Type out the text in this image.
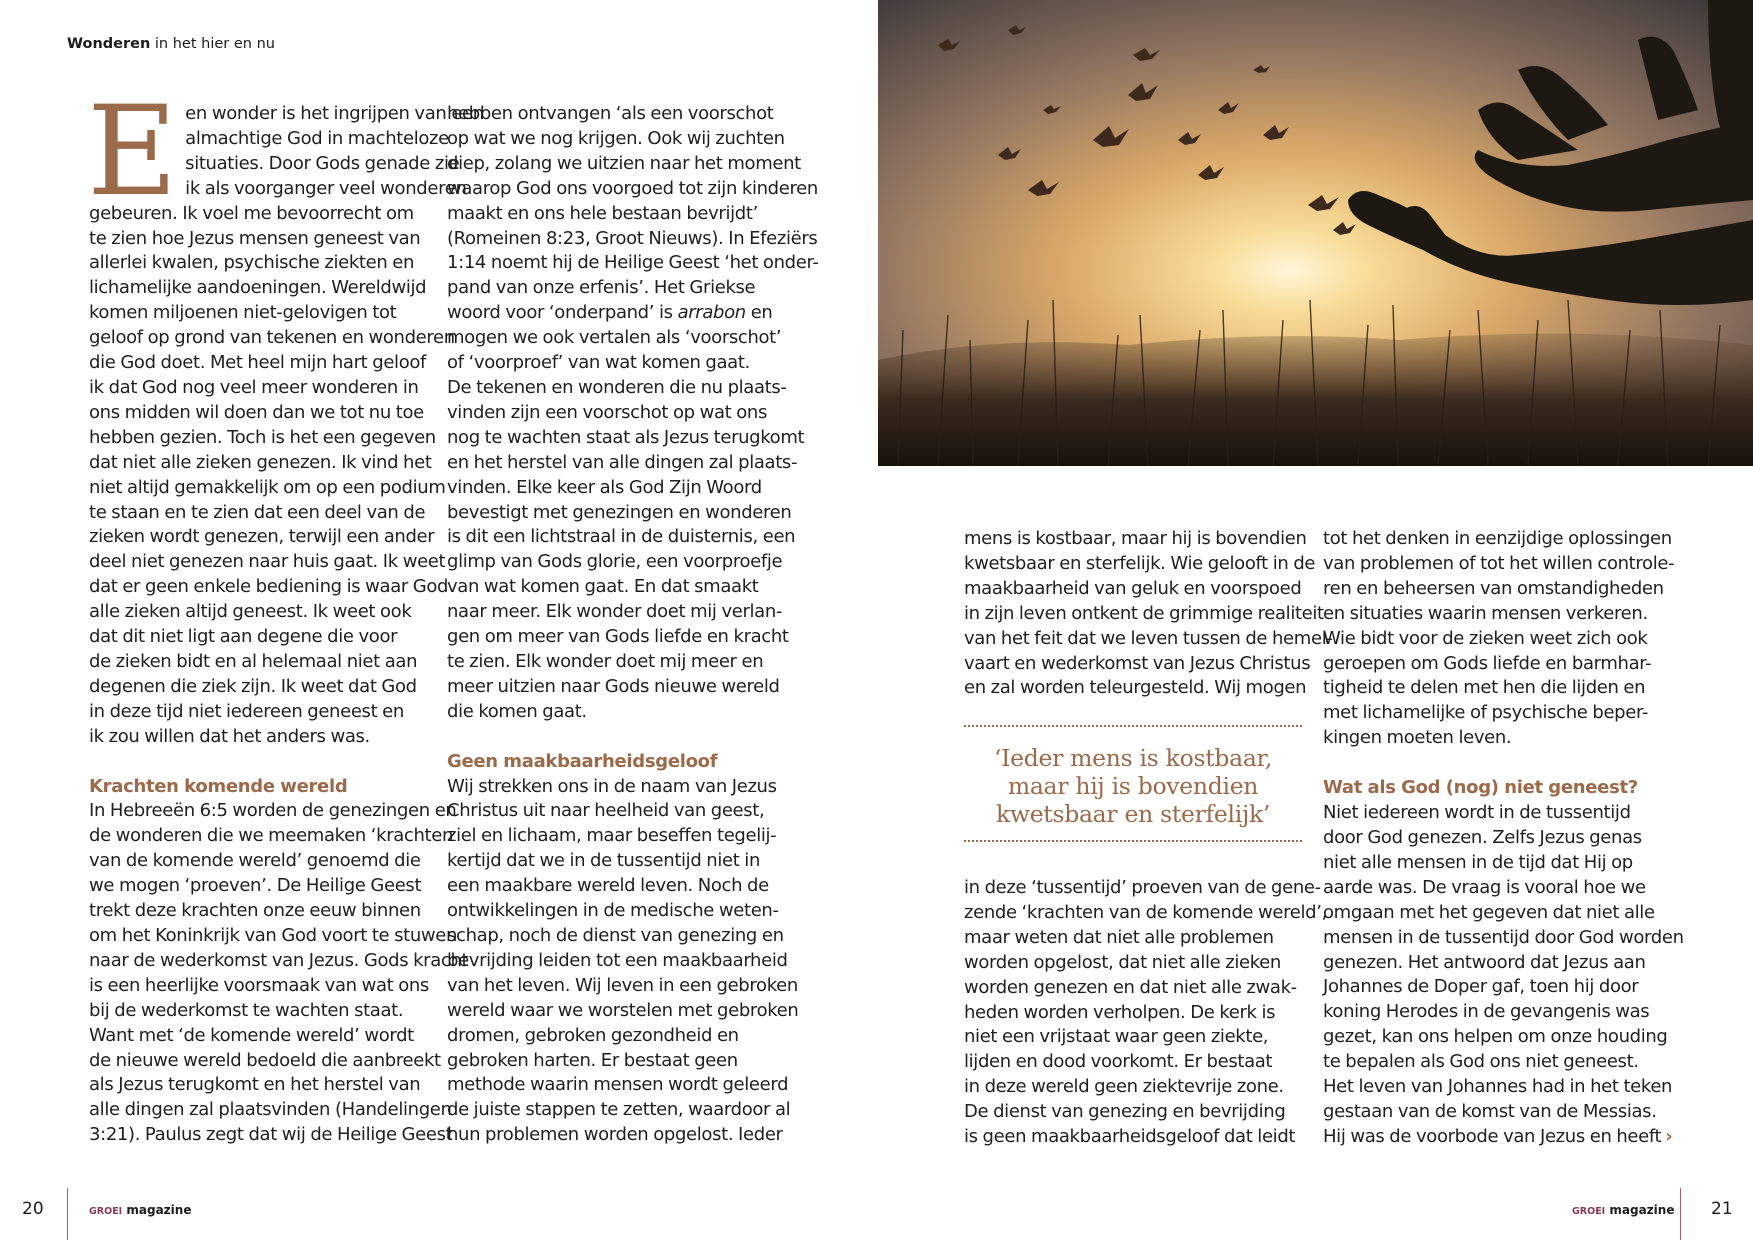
Wonderen in het hier en nu
E en wonder is het ingrijpen van een
almachtige God in machteloze
situaties. Door Gods genade zie
ik als voorganger veel wonderen
gebeuren. Ik voel me bevoorrecht om
te zien hoe Jezus mensen geneest van
allerlei kwalen, psychische ziekten en
lichamelijke aandoeningen. Wereldwijd
komen miljoenen niet-gelovigen tot
geloof op grond van tekenen en wonderen
die God doet. Met heel mijn hart geloof
ik dat God nog veel meer wonderen in
ons midden wil doen dan we tot nu toe
hebben gezien. Toch is het een gegeven
dat niet alle zieken genezen. Ik vind het
niet altijd gemakkelijk om op een podium
te staan en te zien dat een deel van de
zieken wordt genezen, terwijl een ander
deel niet genezen naar huis gaat. Ik weet
dat er geen enkele bediening is waar God
alle zieken altijd geneest. Ik weet ook
dat dit niet ligt aan degene die voor
de zieken bidt en al helemaal niet aan
degenen die ziek zijn. Ik weet dat God
in deze tijd niet iedereen geneest en
ik zou willen dat het anders was.
Krachten komende wereld
In Hebreeën 6:5 worden de genezingen en
de wonderen die we meemaken ‘krachten
van de komende wereld’ genoemd die
we mogen ‘proeven’. De Heilige Geest
trekt deze krachten onze eeuw binnen
om het Koninkrijk van God voort te stuwen
naar de wederkomst van Jezus. Gods kracht
is een heerlijke voorsmaak van wat ons
bij de wederkomst te wachten staat.
Want met ‘de komende wereld’ wordt
de nieuwe wereld bedoeld die aanbreekt
als Jezus terugkomt en het herstel van
alle dingen zal plaatsvinden (Handelingen
3:21). Paulus zegt dat wij de Heilige Geest
hebben ontvangen ‘als een voorschot
op wat we nog krijgen. Ook wij zuchten
diep, zolang we uitzien naar het moment
waarop God ons voorgoed tot zijn kinderen
maakt en ons hele bestaan bevrijdt’
(Romeinen 8:23, Groot Nieuws). In Efeziërs
1:14 noemt hij de Heilige Geest ‘het onder-
pand van onze erfenis’. Het Griekse
woord voor ‘onderpand’ is arrabon en
mogen we ook vertalen als ‘voorschot’
of ‘voorproef’ van wat komen gaat.
De tekenen en wonderen die nu plaats-
vinden zijn een voorschot op wat ons
nog te wachten staat als Jezus terugkomt
en het herstel van alle dingen zal plaats-
vinden. Elke keer als God Zijn Woord
bevestigt met genezingen en wonderen
is dit een lichtstraal in de duisternis, een
glimp van Gods glorie, een voorproefje
van wat komen gaat. En dat smaakt
naar meer. Elk wonder doet mij verlan-
gen om meer van Gods liefde en kracht
te zien. Elk wonder doet mij meer en
meer uitzien naar Gods nieuwe wereld
die komen gaat.
Geen maakbaarheidsgeloof
Wij strekken ons in de naam van Jezus
Christus uit naar heelheid van geest,
ziel en lichaam, maar beseffen tegelij-
kertijd dat we in de tussentijd niet in
een maakbare wereld leven. Noch de
ontwikkelingen in de medische weten-
schap, noch de dienst van genezing en
bevrijding leiden tot een maakbaarheid
van het leven. Wij leven in een gebroken
wereld waar we worstelen met gebroken
dromen, gebroken gezondheid en
gebroken harten. Er bestaat geen
methode waarin mensen wordt geleerd
de juiste stappen te zetten, waardoor al
hun problemen worden opgelost. Ieder
mens is kostbaar, maar hij is bovendien
kwetsbaar en sterfelijk. Wie gelooft in de
maakbaarheid van geluk en voorspoed
in zijn leven ontkent de grimmige realiteit
van het feit dat we leven tussen de hemel-
vaart en wederkomst van Jezus Christus
en zal worden teleurgesteld. Wij mogen
‘Ieder mens is kostbaar,
maar hij is bovendien
kwetsbaar en sterfelijk’
in deze ‘tussentijd’ proeven van de gene-
zende ‘krachten van de komende wereld’,
maar weten dat niet alle problemen
worden opgelost, dat niet alle zieken
worden genezen en dat niet alle zwak-
heden worden verholpen. De kerk is
niet een vrijstaat waar geen ziekte,
lijden en dood voorkomt. Er bestaat
in deze wereld geen ziektevrije zone.
De dienst van genezing en bevrijding
is geen maakbaarheidsgeloof dat leidt
tot het denken in eenzijdige oplossingen
van problemen of tot het willen controle-
ren en beheersen van omstandigheden
en situaties waarin mensen verkeren.
Wie bidt voor de zieken weet zich ook
geroepen om Gods liefde en barmhar-
tigheid te delen met hen die lijden en
met lichamelijke of psychische beper-
kingen moeten leven.
Wat als God (nog) niet geneest?
Niet iedereen wordt in de tussentijd
door God genezen. Zelfs Jezus genas
niet alle mensen in de tijd dat Hij op
aarde was. De vraag is vooral hoe we
omgaan met het gegeven dat niet alle
mensen in de tussentijd door God worden
genezen. Het antwoord dat Jezus aan
Johannes de Doper gaf, toen hij door
koning Herodes in de gevangenis was
gezet, kan ons helpen om onze houding
te bepalen als God ons niet geneest.
Het leven van Johannes had in het teken
gestaan van de komst van de Messias.
Hij was de voorbode van Jezus en heeft ›
20	GROEI magazine	GROEI magazine 21
